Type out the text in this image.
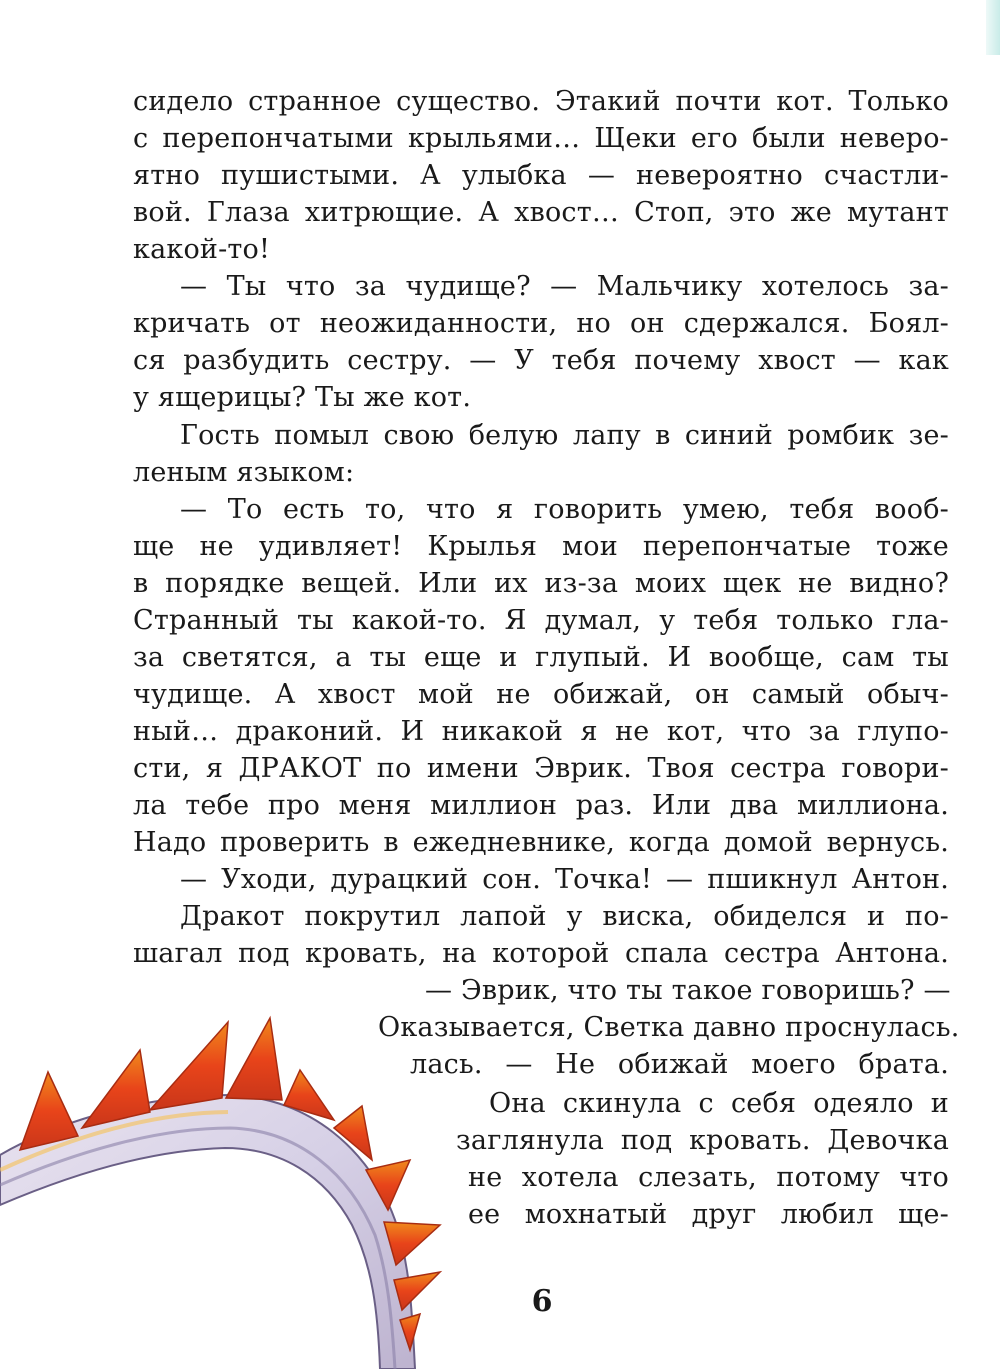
сидело странное существо. Этакий почти кот. Только
с перепончатыми крыльями… Щеки его были неверо-
ятно пушистыми. А улыбка — невероятно счастли-
вой. Глаза хитрющие. А хвост… Стоп, это же мутант
какой-то!
— Ты что за чудище? — Мальчику хотелось за-
кричать от неожиданности, но он сдержался. Боял-
ся разбудить сестру. — У тебя почему хвост — как
у ящерицы? Ты же кот.
Гость помыл свою белую лапу в синий ромбик зе-
леным языком:
— То есть то, что я говорить умею, тебя вооб-
ще не удивляет! Крылья мои перепончатые тоже
в порядке вещей. Или их из-за моих щек не видно?
Странный ты какой-то. Я думал, у тебя только гла-
за светятся, а ты еще и глупый. И вообще, сам ты
чудище. А хвост мой не обижай, он самый обыч-
ный… драконий. И никакой я не кот, что за глупо-
сти, я ДРАКОТ по имени Эврик. Твоя сестра говори-
ла тебе про меня миллион раз. Или два миллиона.
Надо проверить в ежедневнике, когда домой вернусь.
— Уходи, дурацкий сон. Точка! — пшикнул Антон.
Дракот покрутил лапой у виска, обиделся и по-
шагал под кровать, на которой спала сестра Антона.
— Эврик, что ты такое говоришь? —
Оказывается, Светка давно проснулась.
лась. — Не обижай моего брата.
Она скинула с себя одеяло и
заглянула под кровать. Девочка
не хотела слезать, потому что
ее мохнатый друг любил ще-
6
